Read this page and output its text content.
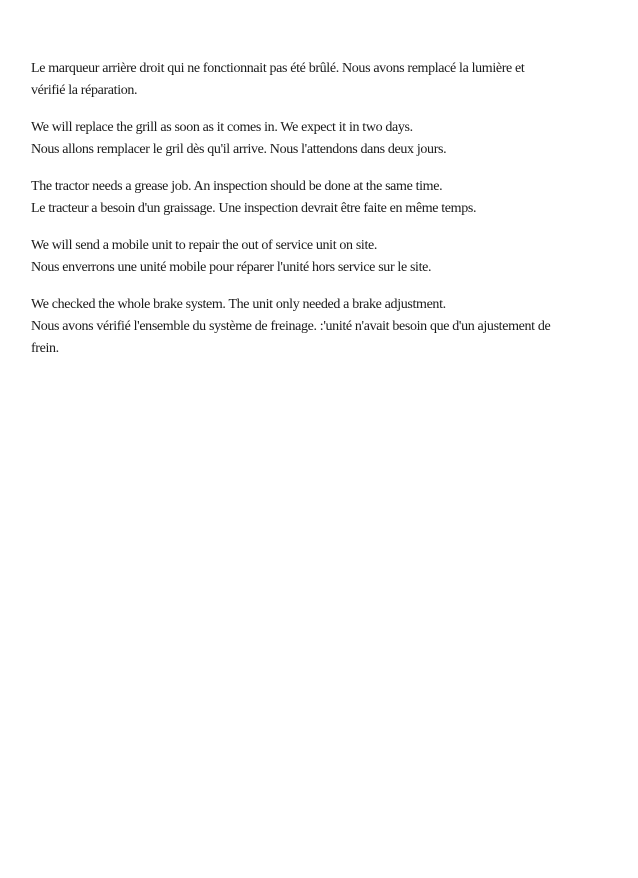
Le marqueur arrière droit qui ne fonctionnait pas été brûlé. Nous avons remplacé la lumière et
vérifié la réparation.

We will replace the grill as soon as it comes in. We expect it in two days.
Nous allons remplacer le gril dès qu'il arrive. Nous l'attendons dans deux jours.

The tractor needs a grease job. An inspection should be done at the same time.
Le tracteur a besoin d'un graissage. Une inspection devrait être faite en même temps.

We will send a mobile unit to repair the out of service unit on site.
Nous enverrons une unité mobile pour réparer l'unité hors service sur le site.

We checked the whole brake system. The unit only needed a brake adjustment.
Nous avons vérifié l'ensemble du système de freinage. :'unité n'avait besoin que d'un ajustement de
frein.
